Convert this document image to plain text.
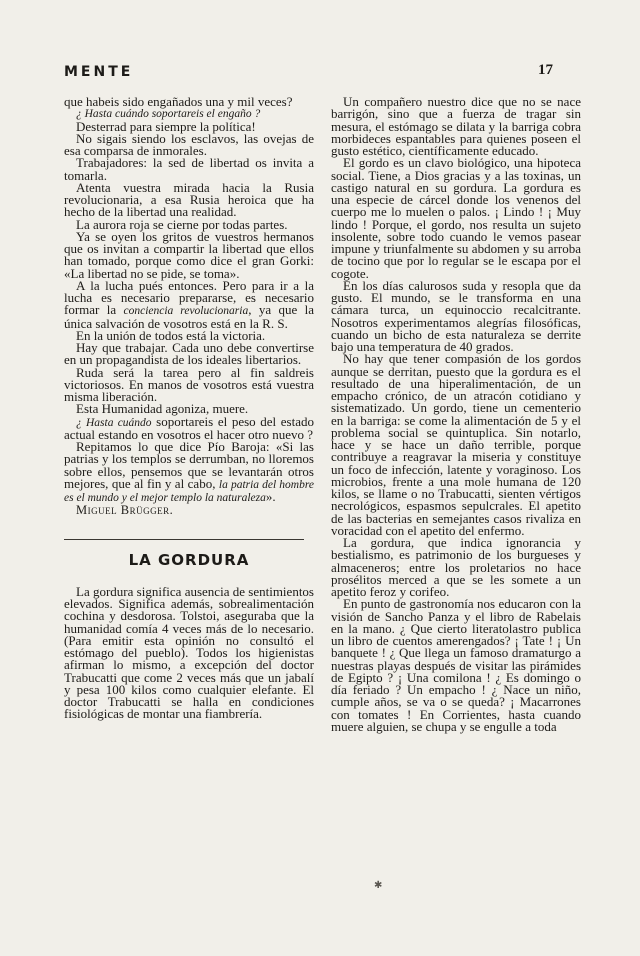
MENTE	17

que habeis sido engañados una y mil veces?

¿ Hasta cuándo soportareis el engaño ?

Desterrad para siempre la política!

No sigais siendo los esclavos, las ovejas de esa comparsa de inmorales.

Trabajadores: la sed de libertad os invita a tomarla.

Atenta vuestra mirada hacia la Rusia revolucionaria, a esa Rusia heroica que ha hecho de la libertad una realidad.

La aurora roja se cierne por todas partes.

Ya se oyen los gritos de vuestros hermanos que os invitan a compartir la libertad que ellos han tomado, porque como dice el gran Gorki: «La libertad no se pide, se toma».

A la lucha pués entonces. Pero para ir a la lucha es necesario prepararse, es necesario formar la conciencia revolucionaria, ya que la única salvación de vosotros está en la R. S.

En la unión de todos está la victoria.

Hay que trabajar. Cada uno debe convertirse en un propagandista de los ideales libertarios.

Ruda será la tarea pero al fin saldreis victoriosos. En manos de vosotros está vuestra misma liberación.

Esta Humanidad agoniza, muere.

¿ Hasta cuándo soportareis el peso del estado actual estando en vosotros el hacer otro nuevo ?

Repitamos lo que dice Pío Baroja: «Si las patrias y los templos se derrumban, no lloremos sobre ellos, pensemos que se levantarán otros mejores, que al fin y al cabo, la patria del hombre es el mundo y el mejor templo la naturaleza».

Miguel Brügger.

LA GORDURA

La gordura significa ausencia de sentimientos elevados. Significa además, sobrealimentación cochina y desdorosa. Tolstoi, aseguraba que la humanidad comía 4 veces más de lo necesario. (Para emitir esta opinión no consultó el estómago del pueblo). Todos los higienistas afirman lo mismo, a excepción del doctor Trabucatti que come 2 veces más que un jabalí y pesa 100 kilos como cualquier elefante. El doctor Trabucatti se halla en condiciones fisiológicas de montar una fiambrería.

Un compañero nuestro dice que no se nace barrigón, sino que a fuerza de tragar sin mesura, el estómago se dilata y la barriga cobra morbideces espantables para quienes poseen el gusto estético, científicamente educado.

El gordo es un clavo biológico, una hipoteca social. Tiene, a Dios gracias y a las toxinas, un castigo natural en su gordura. La gordura es una especie de cárcel donde los venenos del cuerpo me lo muelen o palos. ¡ Lindo ! ¡ Muy lindo ! Porque, el gordo, nos resulta un sujeto insolente, sobre todo cuando le vemos pasear impune y triunfalmente su abdomen y su arroba de tocino que por lo regular se le escapa por el cogote.

En los días calurosos suda y resopla que da gusto. El mundo, se le transforma en una cámara turca, un equinoccio recalcitrante. Nosotros experimentamos alegrías filosóficas, cuando un bicho de esta naturaleza se derrite bajo una temperatura de 40 grados.

No hay que tener compasión de los gordos aunque se derritan, puesto que la gordura es el resultado de una hiperalimentación, de un empacho crónico, de un atracón cotidiano y sistematizado. Un gordo, tiene un cementerio en la barriga: se come la alimentación de 5 y el problema social se quintuplica. Sin notarlo, hace y se hace un daño terrible, porque contribuye a reagravar la miseria y constituye un foco de infección, latente y voraginoso. Los microbios, frente a una mole humana de 120 kilos, se llame o no Trabucatti, sienten vértigos necrológicos, espasmos sepulcrales. El apetito de las bacterias en semejantes casos rivaliza en voracidad con el apetito del enfermo.

La gordura, que indica ignorancia y bestialismo, es patrimonio de los burgueses y almaceneros; entre los proletarios no hace prosélitos merced a que se les somete a un apetito feroz y corifeo.

En punto de gastronomía nos educaron con la visión de Sancho Panza y el libro de Rabelais en la mano. ¿ Que cierto literatolastro publica un libro de cuentos amerengados? ¡ Tate ! ¡ Un banquete ! ¿ Que llega un famoso dramaturgo a nuestras playas después de visitar las pirámides de Egipto ? ¡ Una comilona ! ¿ Es domingo o día feriado ? Un empacho ! ¿ Nace un niño, cumple años, se va o se queda? ¡ Macarrones con tomates ! En Corrientes, hasta cuando muere alguien, se chupa y se engulle a toda

✱
